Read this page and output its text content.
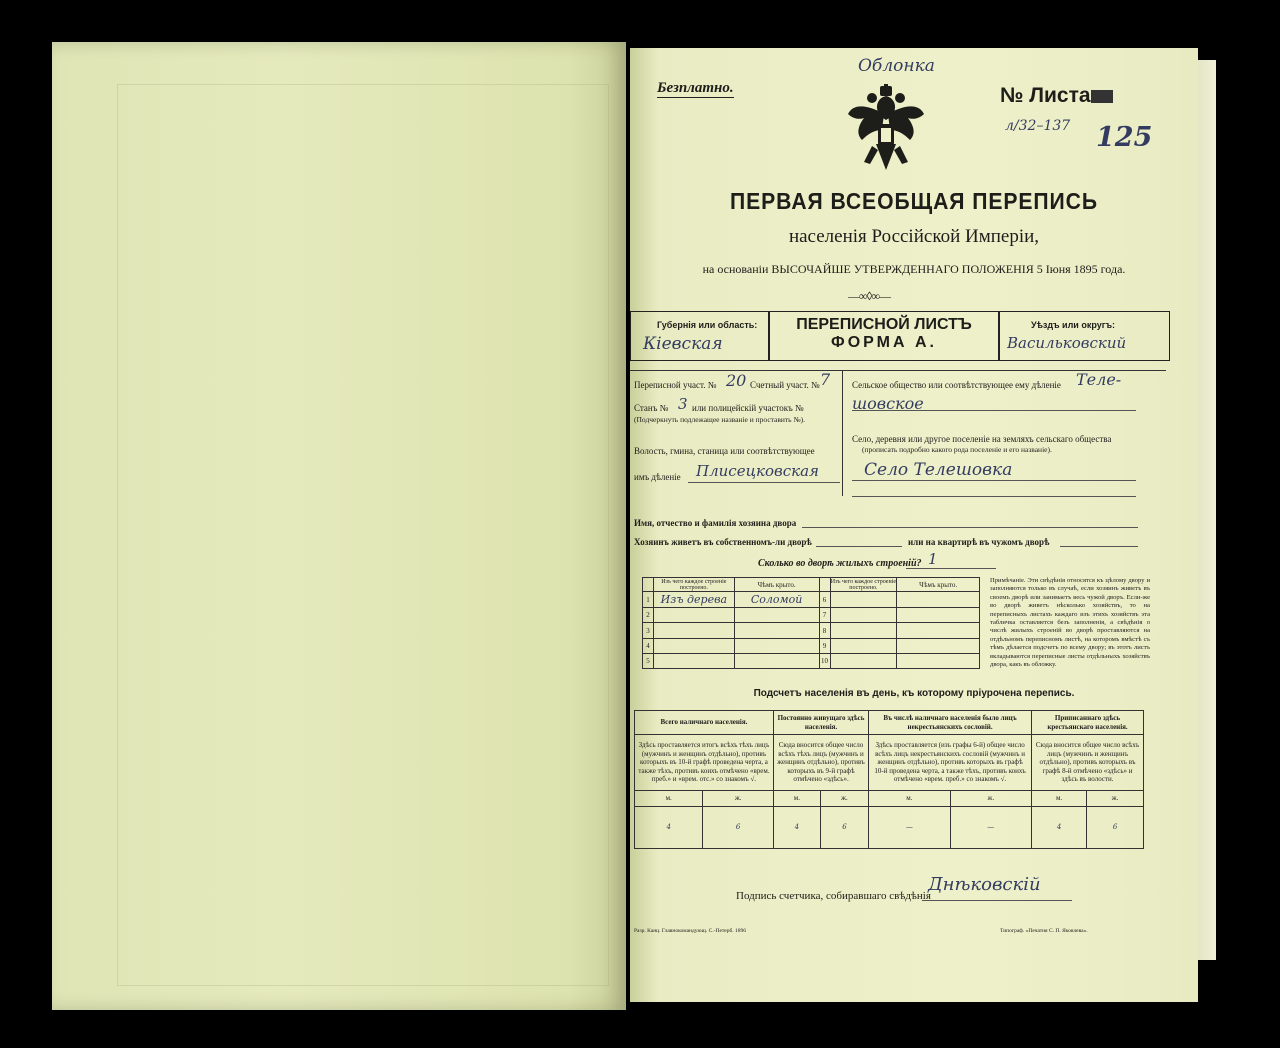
Безплатно.
Облонка
№ Листа
л/32–137 125
ПЕРВАЯ ВСЕОБЩАЯ ПЕРЕПИСЬ
населенія Россійской Имперіи,
на основаніи ВЫСОЧАЙШЕ УТВЕРЖДЕННАГО ПОЛОЖЕНІЯ 5 Іюня 1895 года.
—∞◊∞—
Губернія или область:
Кіевская
ПЕРЕПИСНОЙ ЛИСТЪ
ФОРМА А.
Уѣздъ или округъ:
Васильковский
Переписной участ. № 20 Счетный участ. № 7
Станъ № 3 или полицейскій участокъ №
(Подчеркнуть подлежащее названіе и проставить №).
Волость, гмина, станица или соотвѣтствующее
имъ дѣленіе Плисецковская
Сельское общество или соотвѣтствующее ему дѣленіе Теле-
шовское
Село, деревня или другое поселеніе на земляхъ сельскаго общества
(прописать подробно какого рода поселеніе и его названіе).
Село Телешовка
Имя, отчество и фамилія хозяина двора
Хозяинъ живетъ въ собственномъ-ли дворѣ	или на квартирѣ въ чужомъ дворѣ
Сколько во дворѣ жилыхъ строеній? 1
	Изъ чего каждое строеніе построено.	Чѣмъ крыто.		Изъ чего каждое строеніе построено.	Чѣмъ крыто.
1	Изъ дерева	Соломой	6		
2			7		
3			8		
4			9		
5			10		
Примѣчаніе. Эти свѣдѣнія относятся къ цѣлому двору и заполняются только въ случаѣ, если хозяинъ живетъ въ своемъ дворѣ или занимаетъ весь чужой дворъ. Если-же во дворѣ живетъ нѣсколько хозяйствъ, то на переписныхъ листахъ каждаго изъ этихъ хозяйствъ эта табличка оставляется безъ заполненія, а свѣдѣнія о числѣ жилыхъ строеній во дворѣ проставляются на отдѣльномъ переписномъ листѣ, на которомъ вмѣстѣ съ тѣмъ дѣлается подсчетъ по всему двору; въ этотъ листъ вкладываются переписные листы отдѣльныхъ хозяйствъ двора, какъ въ обложку.
Подсчетъ населенія въ день, къ которому пріурочена перепись.
Всего наличнаго населенія.		Постоянно живущаго здѣсь населенія.		Въ числѣ наличнаго населенія было лицъ некрестьянскихъ сословій.		Приписаннаго здѣсь крестьянскаго населенія.	
Здѣсь проставляется итогъ всѣхъ тѣхъ лицъ (мужчинъ и женщинъ отдѣльно), противъ которыхъ въ 10-й графѣ проведена черта, а также тѣхъ, противъ коихъ отмѣчено «врем. преб.» и «врем. отс.» со знакомъ √.		Сюда вносится общее число всѣхъ тѣхъ лицъ (мужчинъ и женщинъ отдѣльно), противъ которыхъ въ 9-й графѣ отмѣчено «здѣсь».		Здѣсь проставляется (изъ графы 6-й) общее число всѣхъ лицъ некрестьянскихъ сословій (мужчинъ и женщинъ отдѣльно), противъ которыхъ въ графѣ 10-й проведена черта, а также тѣхъ, противъ коихъ отмѣчено «врем. преб.» со знакомъ √.		Сюда вносится общее число всѣхъ лицъ (мужчинъ и женщинъ отдѣльно), противъ которыхъ въ графѣ 8-й отмѣчено «здѣсь» и здѣсь въ волости.	
м.	ж.	м.	ж.	м.	ж.	м.	ж.
4	6	4	6	—	—	4	6
Подпись счетчика, собиравшаго свѣдѣнія
Днѣковскій
Разр. Канц. Главнокомандующ. С.-Петерб. 1896	Типограф. «Печатня С. П. Яковлева».
